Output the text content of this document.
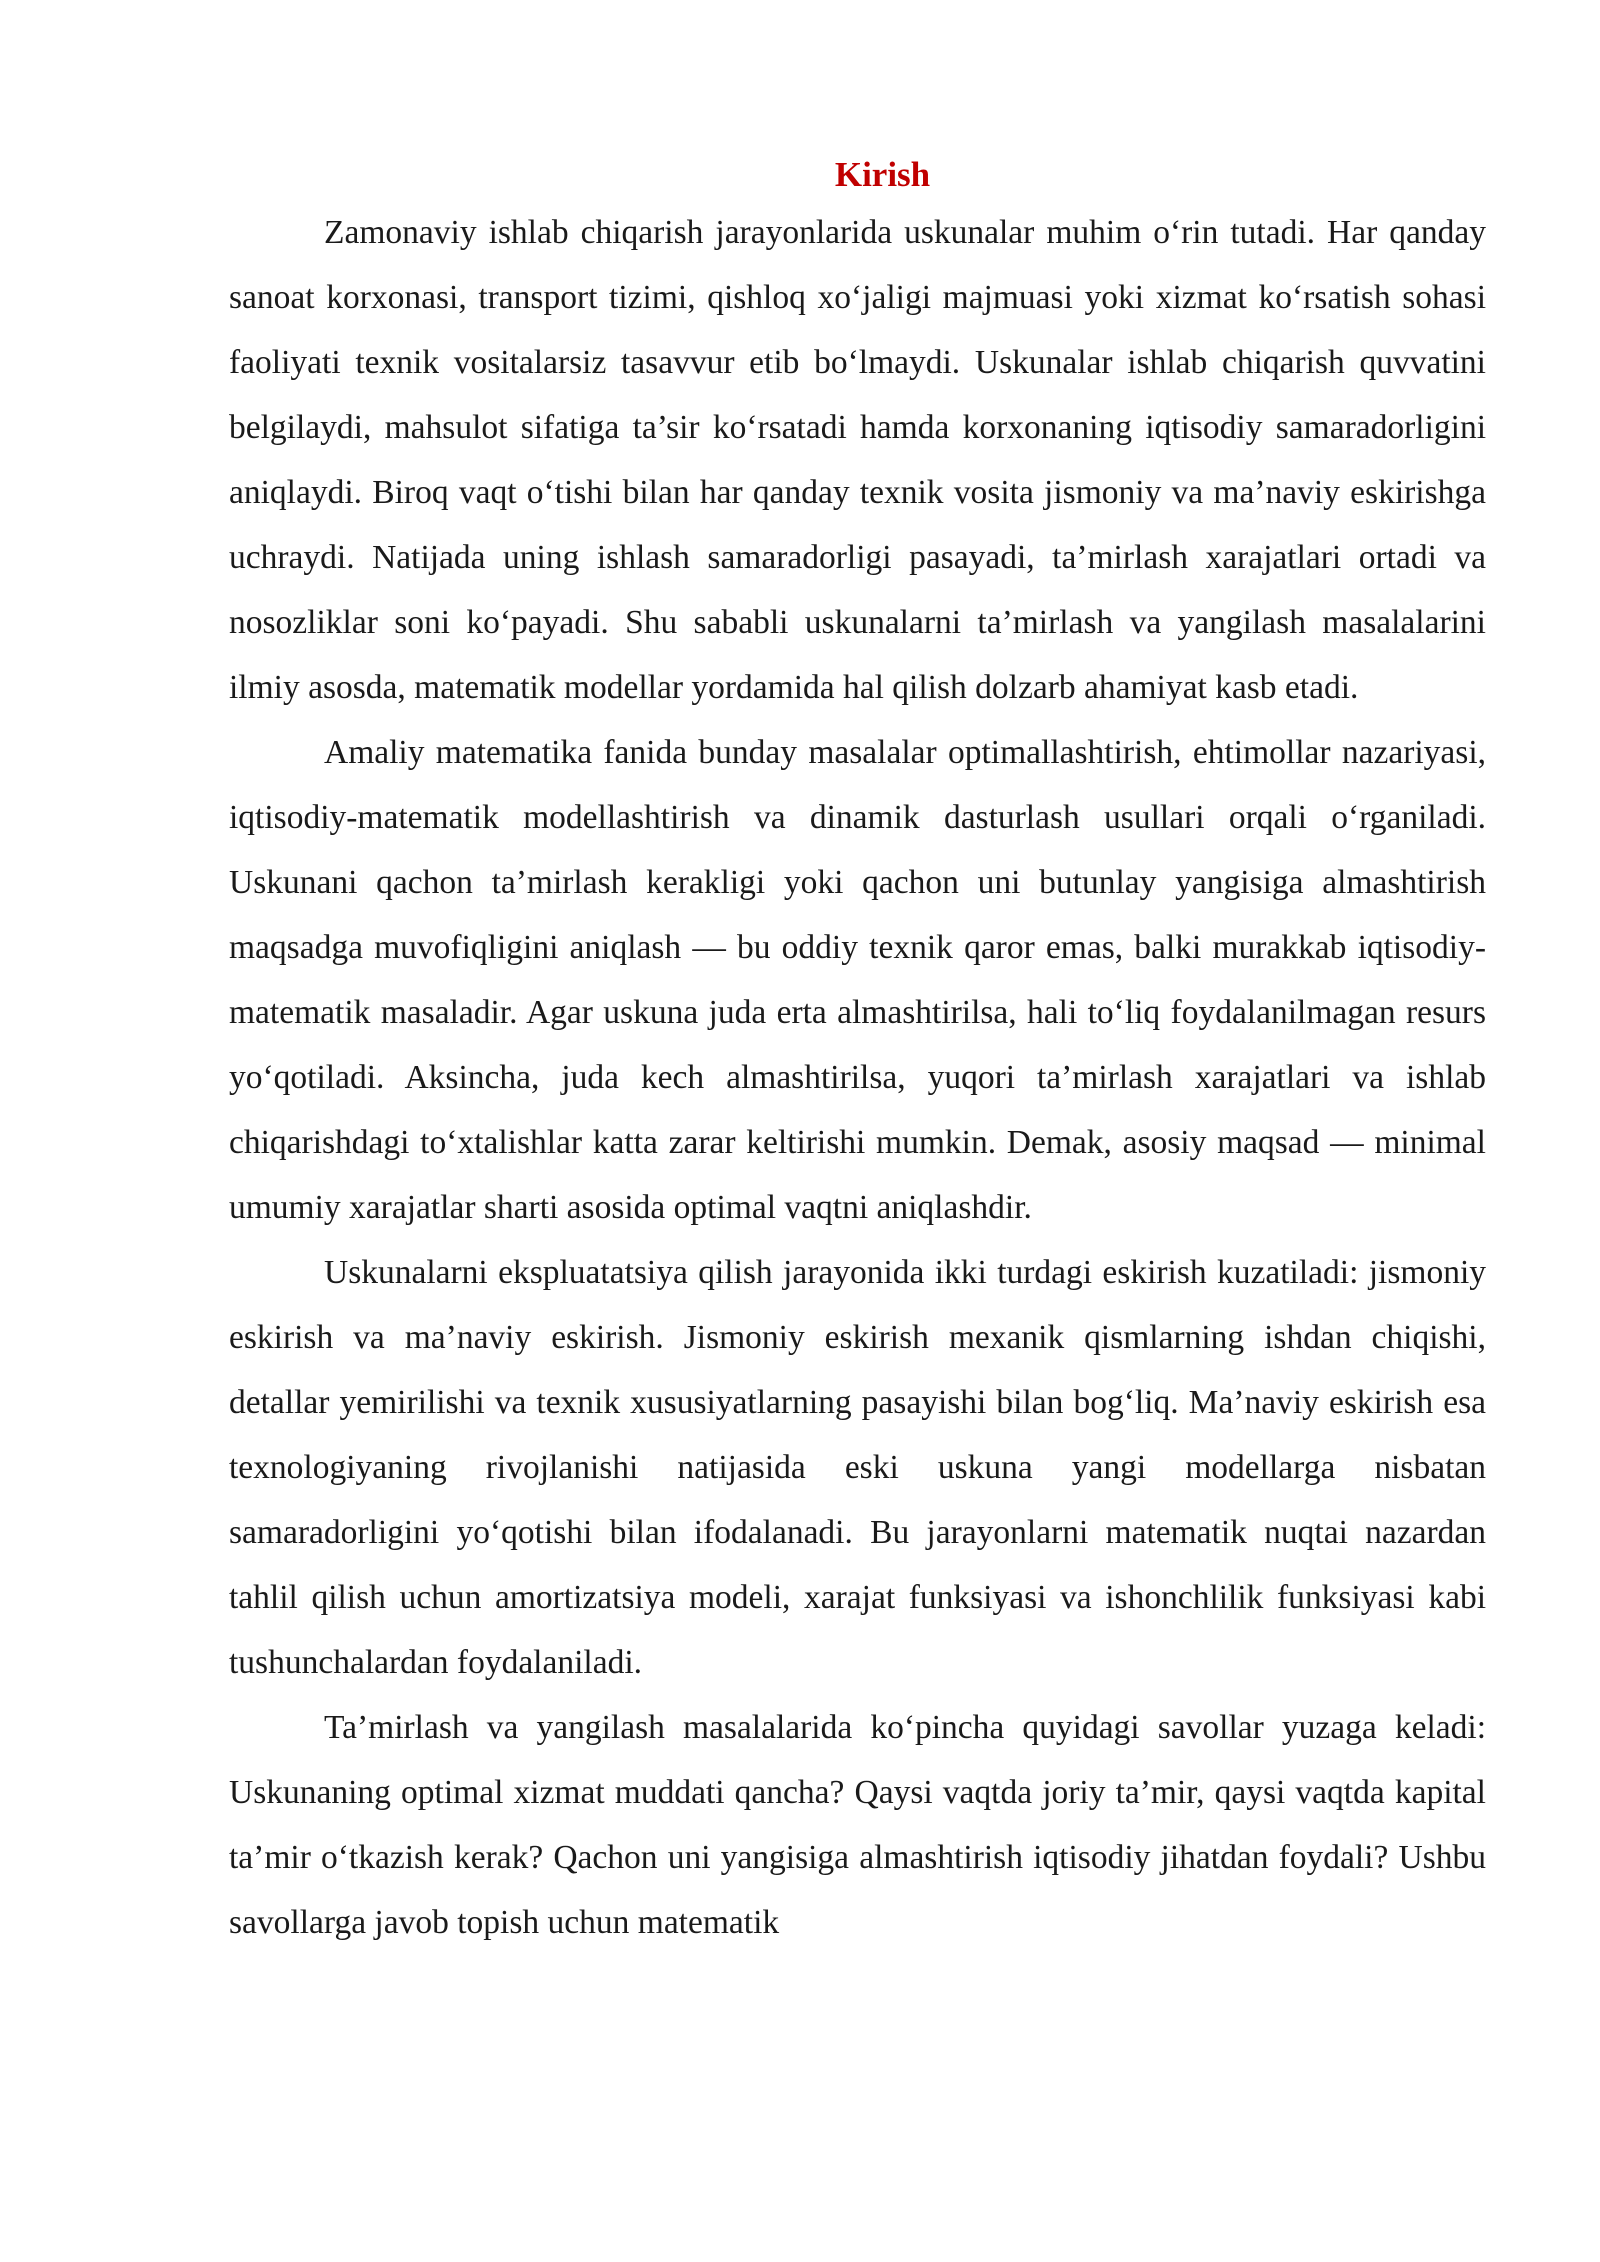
Kirish

Zamonaviy ishlab chiqarish jarayonlarida uskunalar muhim o‘rin tutadi. Har qanday sanoat korxonasi, transport tizimi, qishloq xo‘jaligi majmuasi yoki xizmat ko‘rsatish sohasi faoliyati texnik vositalarsiz tasavvur etib bo‘lmaydi. Uskunalar ishlab chiqarish quvvatini belgilaydi, mahsulot sifatiga ta’sir ko‘rsatadi hamda korxonaning iqtisodiy samaradorligini aniqlaydi. Biroq vaqt o‘tishi bilan har qanday texnik vosita jismoniy va ma’naviy eskirishga uchraydi. Natijada uning ishlash samaradorligi pasayadi, ta’mirlash xarajatlari ortadi va nosozliklar soni ko‘payadi. Shu sababli uskunalarni ta’mirlash va yangilash masalalarini ilmiy asosda, matematik modellar yordamida hal qilish dolzarb ahamiyat kasb etadi.

Amaliy matematika fanida bunday masalalar optimallashtirish, ehtimollar nazariyasi, iqtisodiy-matematik modellashtirish va dinamik dasturlash usullari orqali o‘rganiladi. Uskunani qachon ta’mirlash kerakligi yoki qachon uni butunlay yangisiga almashtirish maqsadga muvofiqligini aniqlash — bu oddiy texnik qaror emas, balki murakkab iqtisodiy-matematik masaladir. Agar uskuna juda erta almashtirilsa, hali to‘liq foydalanilmagan resurs yo‘qotiladi. Aksincha, juda kech almashtirilsa, yuqori ta’mirlash xarajatlari va ishlab chiqarishdagi to‘xtalishlar katta zarar keltirishi mumkin. Demak, asosiy maqsad — minimal umumiy xarajatlar sharti asosida optimal vaqtni aniqlashdir.

Uskunalarni ekspluatatsiya qilish jarayonida ikki turdagi eskirish kuzatiladi: jismoniy eskirish va ma’naviy eskirish. Jismoniy eskirish mexanik qismlarning ishdan chiqishi, detallar yemirilishi va texnik xususiyatlarning pasayishi bilan bog‘liq. Ma’naviy eskirish esa texnologiyaning rivojlanishi natijasida eski uskuna yangi modellarga nisbatan samaradorligini yo‘qotishi bilan ifodalanadi. Bu jarayonlarni matematik nuqtai nazardan tahlil qilish uchun amortizatsiya modeli, xarajat funksiyasi va ishonchlilik funksiyasi kabi tushunchalardan foydalaniladi.

Ta’mirlash va yangilash masalalarida ko‘pincha quyidagi savollar yuzaga keladi: Uskunaning optimal xizmat muddati qancha? Qaysi vaqtda joriy ta’mir, qaysi vaqtda kapital ta’mir o‘tkazish kerak? Qachon uni yangisiga almashtirish iqtisodiy jihatdan foydali? Ushbu savollarga javob topish uchun matematik
